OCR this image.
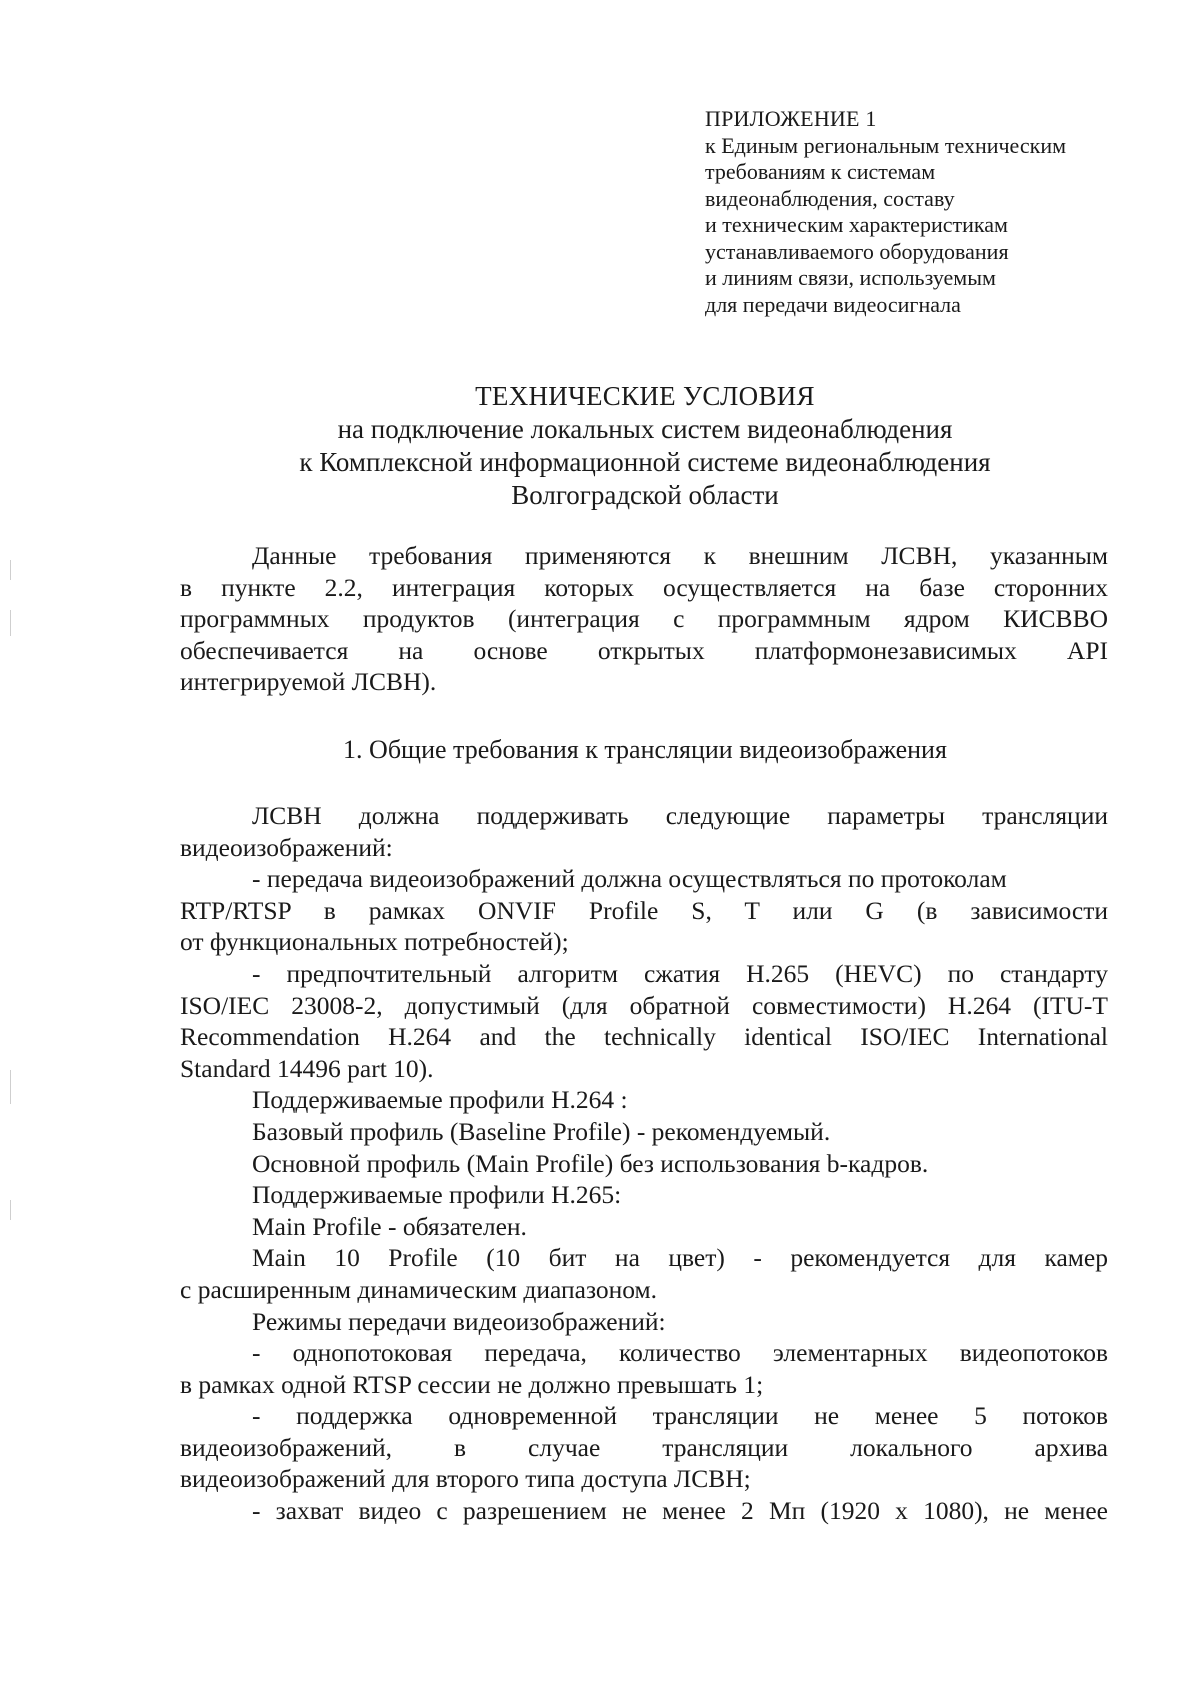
ПРИЛОЖЕНИЕ 1
к Единым региональным техническим
требованиям к системам
видеонаблюдения, составу
и техническим характеристикам
устанавливаемого оборудования
и линиям связи, используемым
для передачи видеосигнала
ТЕХНИЧЕСКИЕ УСЛОВИЯ
на подключение локальных систем видеонаблюдения
к Комплексной информационной системе видеонаблюдения
Волгоградской области
Данные требования применяются к внешним ЛСВН, указанным
в пункте 2.2, интеграция которых осуществляется на базе сторонних
программных продуктов (интеграция с программным ядром КИСВВО
обеспечивается на основе открытых платформонезависимых API
интегрируемой ЛСВН).
1. Общие требования к трансляции видеоизображения
ЛСВН должна поддерживать следующие параметры трансляции
видеоизображений:
- передача видеоизображений должна осуществляться по протоколам
RTP/RTSP в рамках ONVIF Profile S, T или G (в зависимости
от функциональных потребностей);
- предпочтительный алгоритм сжатия H.265 (HEVC) по стандарту
ISO/IEC 23008-2, допустимый (для обратной совместимости) H.264 (ITU-T
Recommendation H.264 and the technically identical ISO/IEC International
Standard 14496 part 10).
Поддерживаемые профили H.264 :
Базовый профиль (Baseline Profile) - рекомендуемый.
Основной профиль (Main Profile) без использования b-кадров.
Поддерживаемые профили H.265:
Main Profile - обязателен.
Main 10 Profile (10 бит на цвет) - рекомендуется для камер
с расширенным динамическим диапазоном.
Режимы передачи видеоизображений:
- однопотоковая передача, количество элементарных видеопотоков
в рамках одной RTSP сессии не должно превышать 1;
- поддержка одновременной трансляции не менее 5 потоков
видеоизображений, в случае трансляции локального архива
видеоизображений для второго типа доступа ЛСВН;
- захват видео с разрешением не менее 2 Мп (1920 x 1080), не менее
